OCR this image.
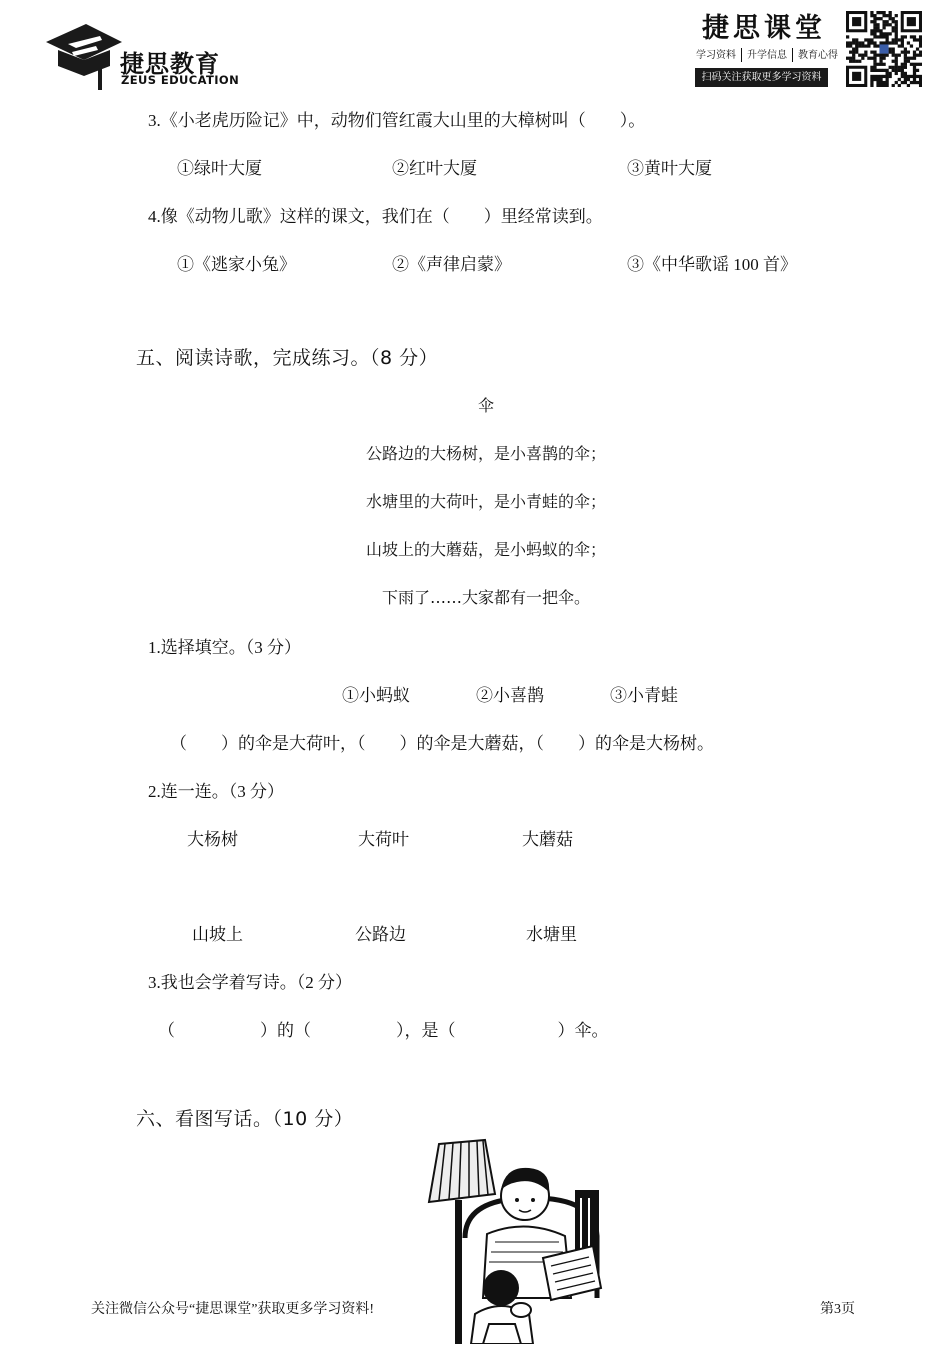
捷思教育
ZEUS EDUCATION
捷思课堂
学习资料 升学信息 教育心得
扫码关注获取更多学习资料
3.《小老虎历险记》中，动物们管红霞大山里的大樟树叫（　　）。
①绿叶大厦	②红叶大厦	③黄叶大厦
4.像《动物儿歌》这样的课文，我们在（　　）里经常读到。
①《逃家小兔》	②《声律启蒙》	③《中华歌谣 100 首》
五、阅读诗歌，完成练习。（8 分）
伞
公路边的大杨树，是小喜鹊的伞；
水塘里的大荷叶，是小青蛙的伞；
山坡上的大蘑菇，是小蚂蚁的伞；
下雨了……大家都有一把伞。
1.选择填空。（3 分）
①小蚂蚁	②小喜鹊	③小青蛙
（　　）的伞是大荷叶，（　　）的伞是大蘑菇，（　　）的伞是大杨树。
2.连一连。（3 分）
大杨树	大荷叶	大蘑菇
山坡上	公路边	水塘里
3.我也会学着写诗。（2 分）
（　　　　　）的（　　　　　），是（　　　　　　）伞。
六、看图写话。（10 分）
关注微信公众号“捷思课堂”获取更多学习资料!	第3页
